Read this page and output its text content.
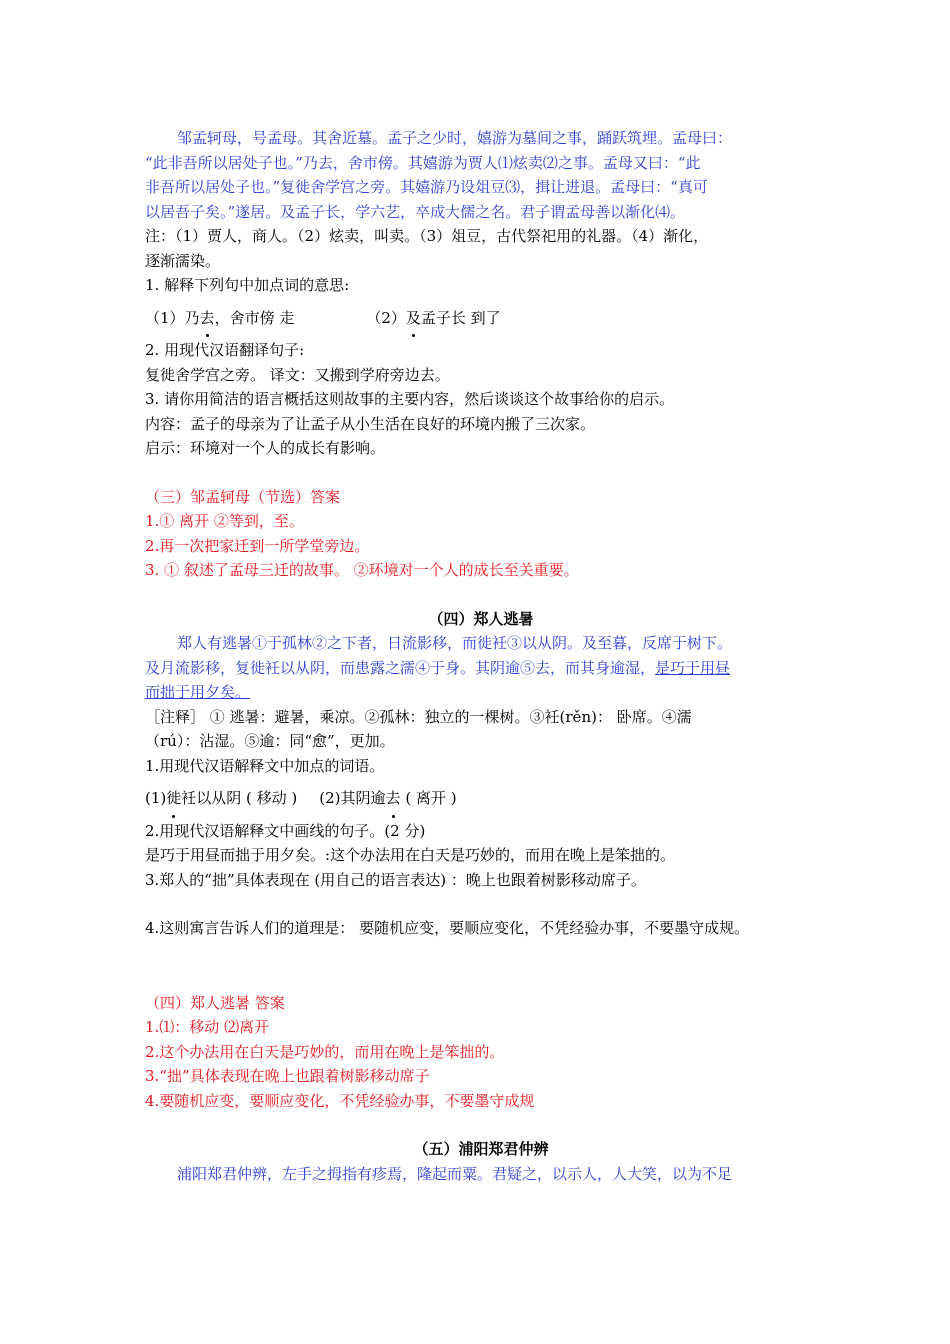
邹孟轲母，号孟母。其舍近墓。孟子之少时，嬉游为墓间之事，踊跃筑埋。孟母曰：

“此非吾所以居处子也。”乃去，舍市傍。其嬉游为贾人⑴炫卖⑵之事。孟母又曰：“此

非吾所以居处子也。”复徙舍学宫之旁。其嬉游乃设俎豆⑶，揖让进退。孟母曰：“真可

以居吾子矣。”遂居。及孟子长，学六艺，卒成大儒之名。君子谓孟母善以渐化⑷。

注：（1）贾人，商人。（2）炫卖，叫卖。（3）俎豆，古代祭祀用的礼器。（4）渐化，

逐渐濡染。

1. 解释下列句中加点词的意思:

（1）乃去，舍市傍 走	（2）及孟子长 到了

2. 用现代汉语翻译句子:

复徙舍学宫之旁。 译文：又搬到学府旁边去。

3. 请你用简洁的语言概括这则故事的主要内容，然后谈谈这个故事给你的启示。

内容：孟子的母亲为了让孟子从小生活在良好的环境内搬了三次家。

启示：环境对一个人的成长有影响。

（三）邹孟轲母（节选）答案

1.① 离开 ②等到，至。

2.再一次把家迁到一所学堂旁边。

3. ① 叙述了孟母三迁的故事。 ②环境对一个人的成长至关重要。

（四）郑人逃暑

郑人有逃暑①于孤林②之下者，日流影移，而徙衽③以从阴。及至暮，反席于树下。

及月流影移，复徙衽以从阴，而患露之濡④于身。其阴逾⑤去，而其身逾湿，是巧于用昼

而拙于用夕矣。

［注释］ ① 逃暑：避暑，乘凉。②孤林：独立的一棵树。③衽(rěn)： 卧席。④濡

（rú）：沾湿。⑤逾：同“愈”，更加。

1.用现代汉语解释文中加点的词语。

(1)徙衽以从阴 ( 移动 ) (2)其阴逾去 ( 离开 )

2.用现代汉语解释文中画线的句子。(2 分)

是巧于用昼而拙于用夕矣。:这个办法用在白天是巧妙的，而用在晚上是笨拙的。

3.郑人的“拙”具体表现在 (用自己的语言表达) ：晚上也跟着树影移动席子。

4.这则寓言告诉人们的道理是： 要随机应变，要顺应变化，不凭经验办事，不要墨守成规。

（四）郑人逃暑 答案

1.⑴：移动 ⑵离开

2.这个办法用在白天是巧妙的，而用在晚上是笨拙的。

3.“拙”具体表现在晚上也跟着树影移动席子

4.要随机应变，要顺应变化，不凭经验办事，不要墨守成规

（五）浦阳郑君仲辨

浦阳郑君仲辨，左手之拇指有疹焉，隆起而粟。君疑之，以示人，人大笑，以为不足
